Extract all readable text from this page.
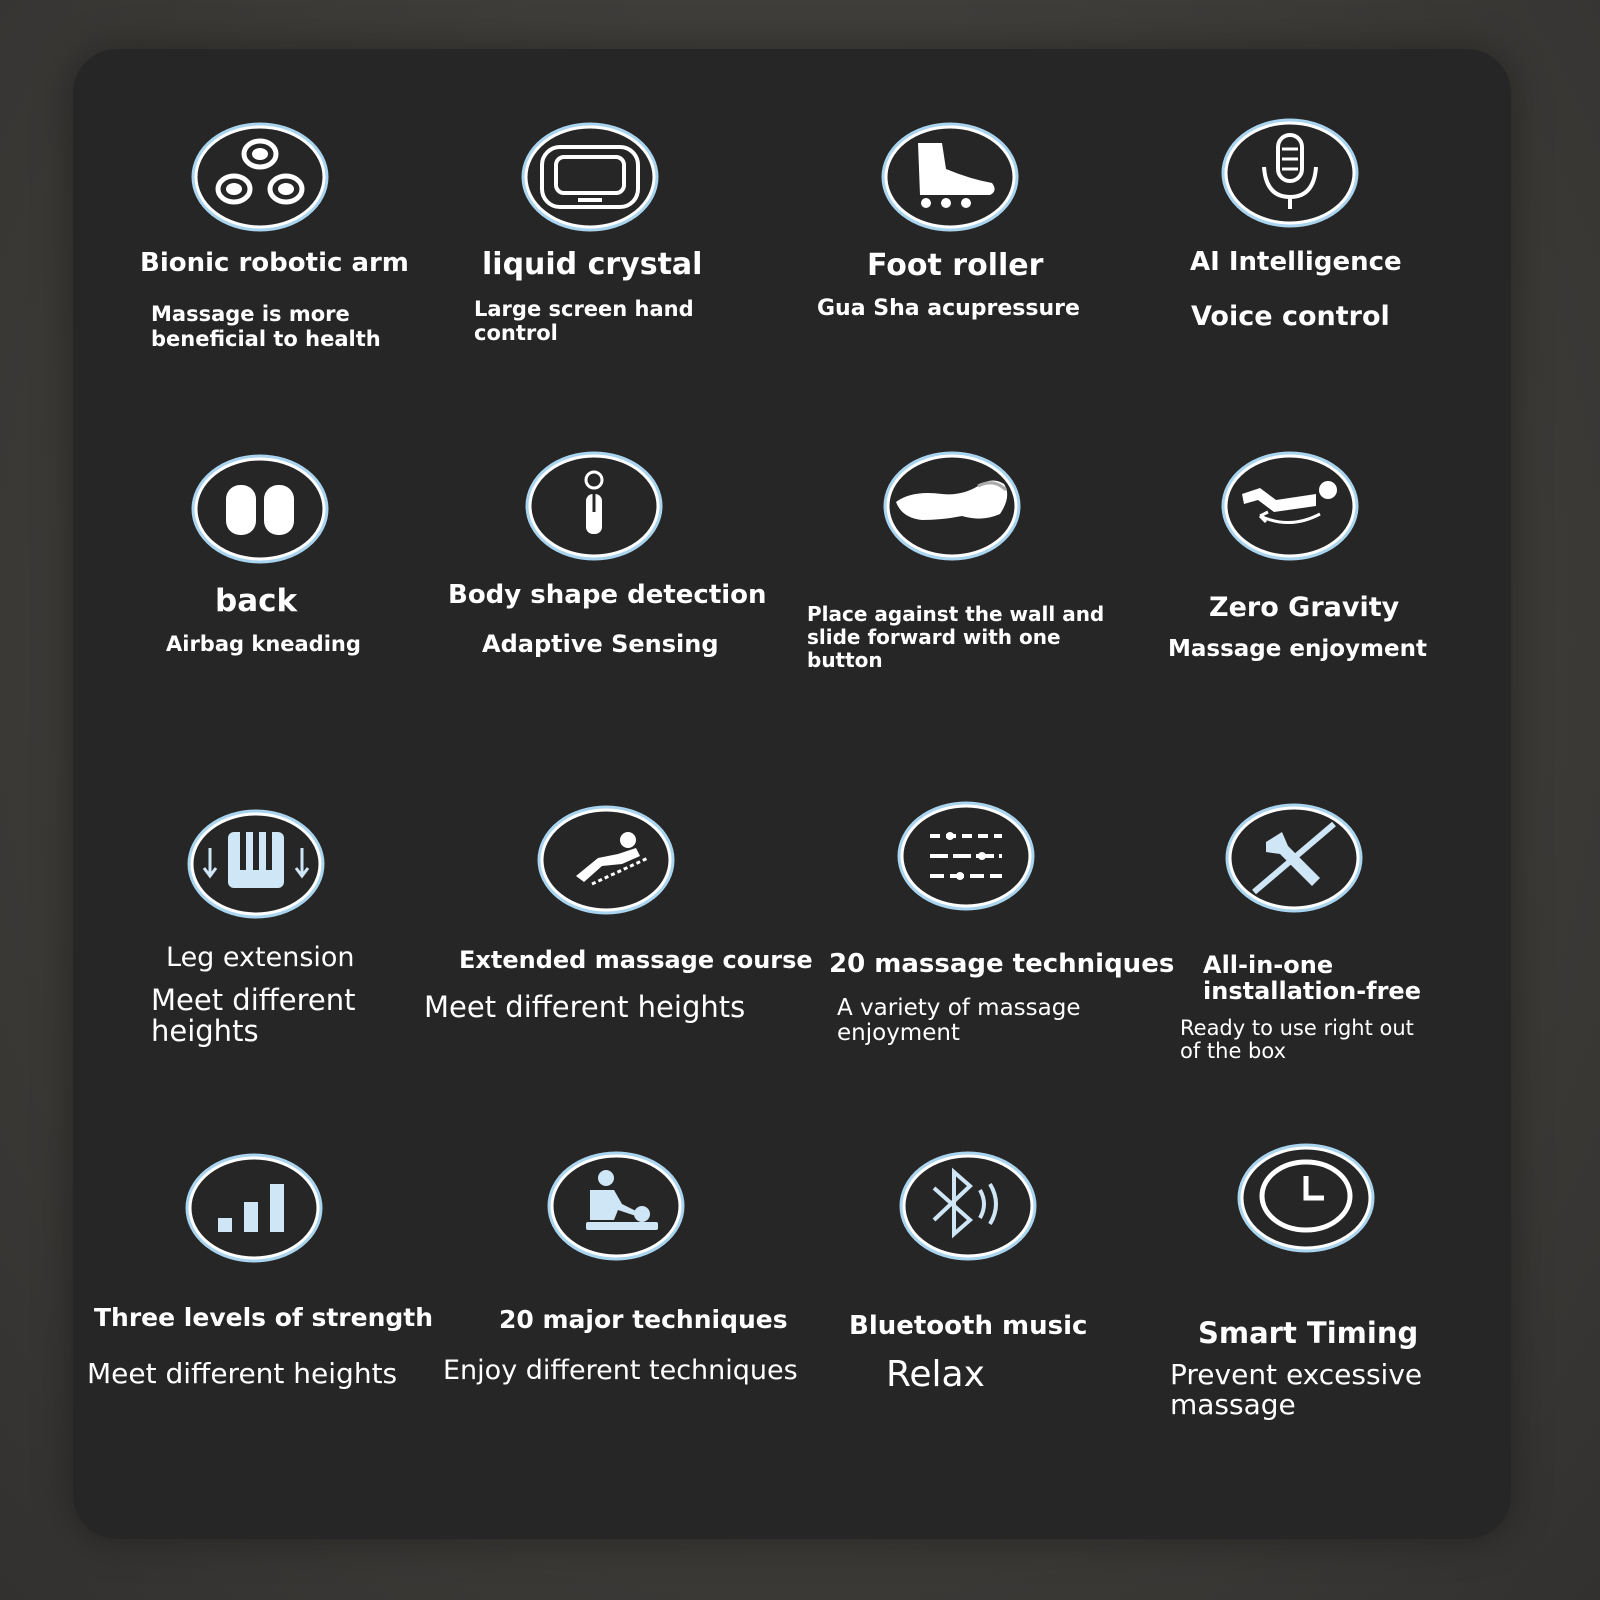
Bionic robotic arm
Massage is more beneficial to health
liquid crystal
Large screen hand control
Foot roller
Gua Sha acupressure
AI Intelligence
Voice control
back
Airbag kneading
Body shape detection
Adaptive Sensing
Place against the wall and slide forward with one button
Zero Gravity
Massage enjoyment
Leg extension
Meet different heights
Extended massage course
Meet different heights
20 massage techniques
A variety of massage enjoyment
All-in-one installation-free
Ready to use right out of the box
Three levels of strength
Meet different heights
20 major techniques
Enjoy different techniques
Bluetooth music
Relax
Smart Timing
Prevent excessive massage
